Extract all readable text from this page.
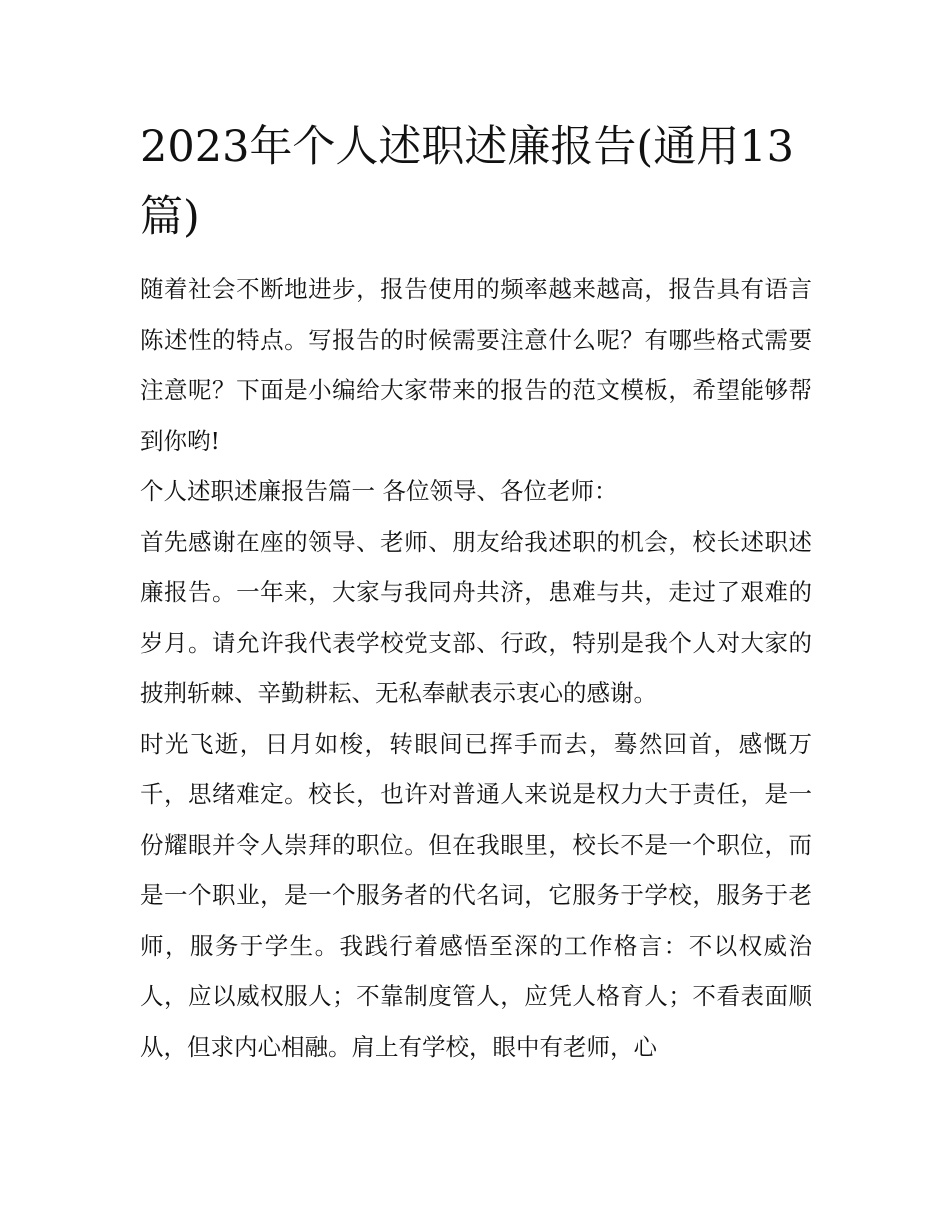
2023年个人述职述廉报告(通用13篇)

随着社会不断地进步，报告使用的频率越来越高，报告具有语言陈述性的特点。写报告的时候需要注意什么呢？有哪些格式需要注意呢？下面是小编给大家带来的报告的范文模板，希望能够帮到你哟!

个人述职述廉报告篇一 各位领导、各位老师：

首先感谢在座的领导、老师、朋友给我述职的机会，校长述职述廉报告。一年来，大家与我同舟共济，患难与共，走过了艰难的岁月。请允许我代表学校党支部、行政，特别是我个人对大家的披荆斩棘、辛勤耕耘、无私奉献表示衷心的感谢。

时光飞逝，日月如梭，转眼间已挥手而去，蓦然回首，感慨万千，思绪难定。校长，也许对普通人来说是权力大于责任，是一份耀眼并令人崇拜的职位。但在我眼里，校长不是一个职位，而是一个职业，是一个服务者的代名词，它服务于学校，服务于老师，服务于学生。我践行着感悟至深的工作格言：不以权威治人，应以威权服人；不靠制度管人，应凭人格育人；不看表面顺从，但求内心相融。肩上有学校，眼中有老师，心
